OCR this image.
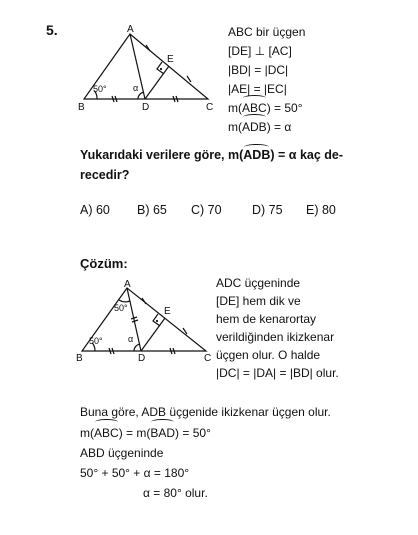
5.	A
B	C
D
E
50°	α
ABC bir üçgen
[DE] ⊥ [AC]
|BD| = |DC|
|AE| = |EC|
m(ABC) = 50°
m(ADB) = α
Yukarıdaki verilere göre, m(ADB) = α kaç de-
recedir?
A) 60 B) 65 C) 70 D) 75 E) 80
Çözüm:
A
B	C
D
E
50°
50°
α
ADC üçgeninde
[DE] hem dik ve
hem de kenarortay
verildiğinden ikizkenar
üçgen olur. O halde
|DC| = |DA| = |BD| olur.
Buna göre, ADB üçgenide ikizkenar üçgen olur.
m(ABC) = m(BAD) = 50°
ABD üçgeninde
50° + 50° + α = 180°
α = 80° olur.
